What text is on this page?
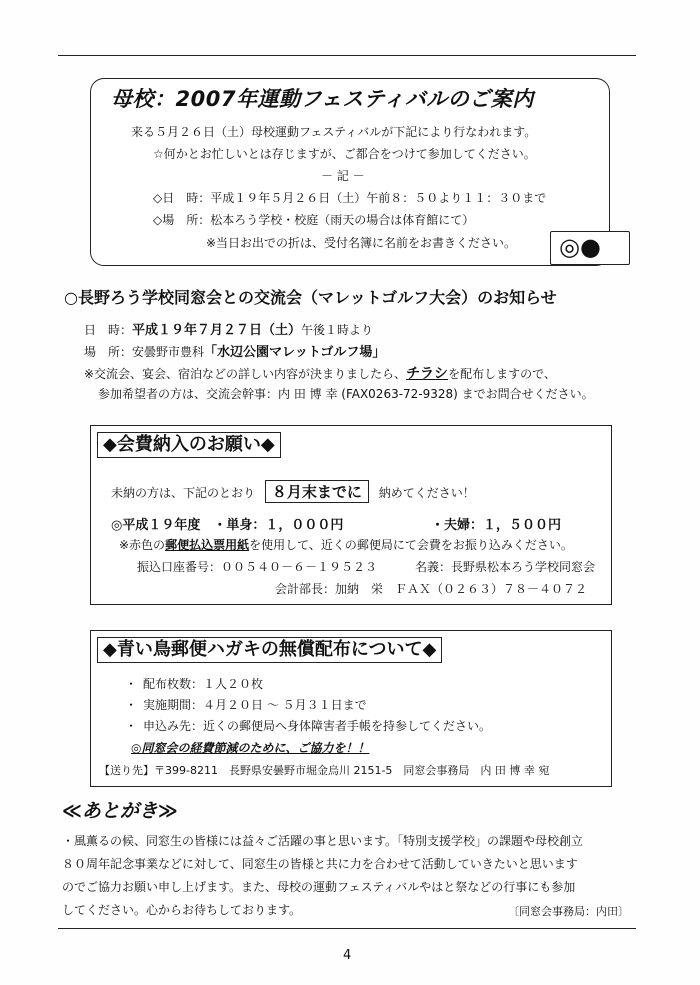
母校：2007年運動フェスティバルのご案内
来る５月２６日（土）母校運動フェスティバルが下記により行なわれます。
☆何かとお忙しいとは存じますが、ご都合をつけて参加してください。
－ 記 －
◇日　時：平成１９年５月２６日（土）午前８：５０より１１：３０まで
◇場　所：松本ろう学校・校庭（雨天の場合は体育館にて）
※当日お出での折は、受付名簿に名前をお書きください。 ◎●
○長野ろう学校同窓会との交流会（マレットゴルフ大会）のお知らせ
日　時：平成１９年７月２７日（土）午後１時より
場　所：安曇野市豊科「水辺公園マレットゴルフ場」
※交流会、宴会、宿泊などの詳しい内容が決まりましたら、チラシを配布しますので、
参加希望者の方は、交流会幹事：内 田 博 幸 (FAX0263-72-9328) までお問合せください。
◆会費納入のお願い◆
未納の方は、下記のとおり ８月末までに 納めてください！
◎平成１９年度　・単身：１，０００円	・夫婦：１，５００円
※赤色の郵便払込票用紙を使用して、近くの郵便局にて会費をお振り込みください。
振込口座番号：００５４０－６－１９５２３	名義：長野県松本ろう学校同窓会
会計部長：加納　栄　ＦＡＸ（０２６３）７８－４０７２
◆青い鳥郵便ハガキの無償配布について◆
・ 配布枚数：１人２０枚
・ 実施期間：４月２０日 ～ ５月３１日まで
・ 申込み先：近くの郵便局へ身体障害者手帳を持参してください。
◎同窓会の経費節減のために、ご協力を！！
【送り先】〒399-8211　長野県安曇野市堀金烏川 2151-5　同窓会事務局　内 田 博 幸 宛
≪あとがき≫
・風薫るの候、同窓生の皆様には益々ご活躍の事と思います。「特別支援学校」の課題や母校創立
８０周年記念事業などに対して、同窓生の皆様と共に力を合わせて活動していきたいと思います
のでご協力お願い申し上げます。また、母校の運動フェスティバルやはと祭などの行事にも参加
してください。心からお待ちしております。	〔同窓会事務局：内田〕
4
